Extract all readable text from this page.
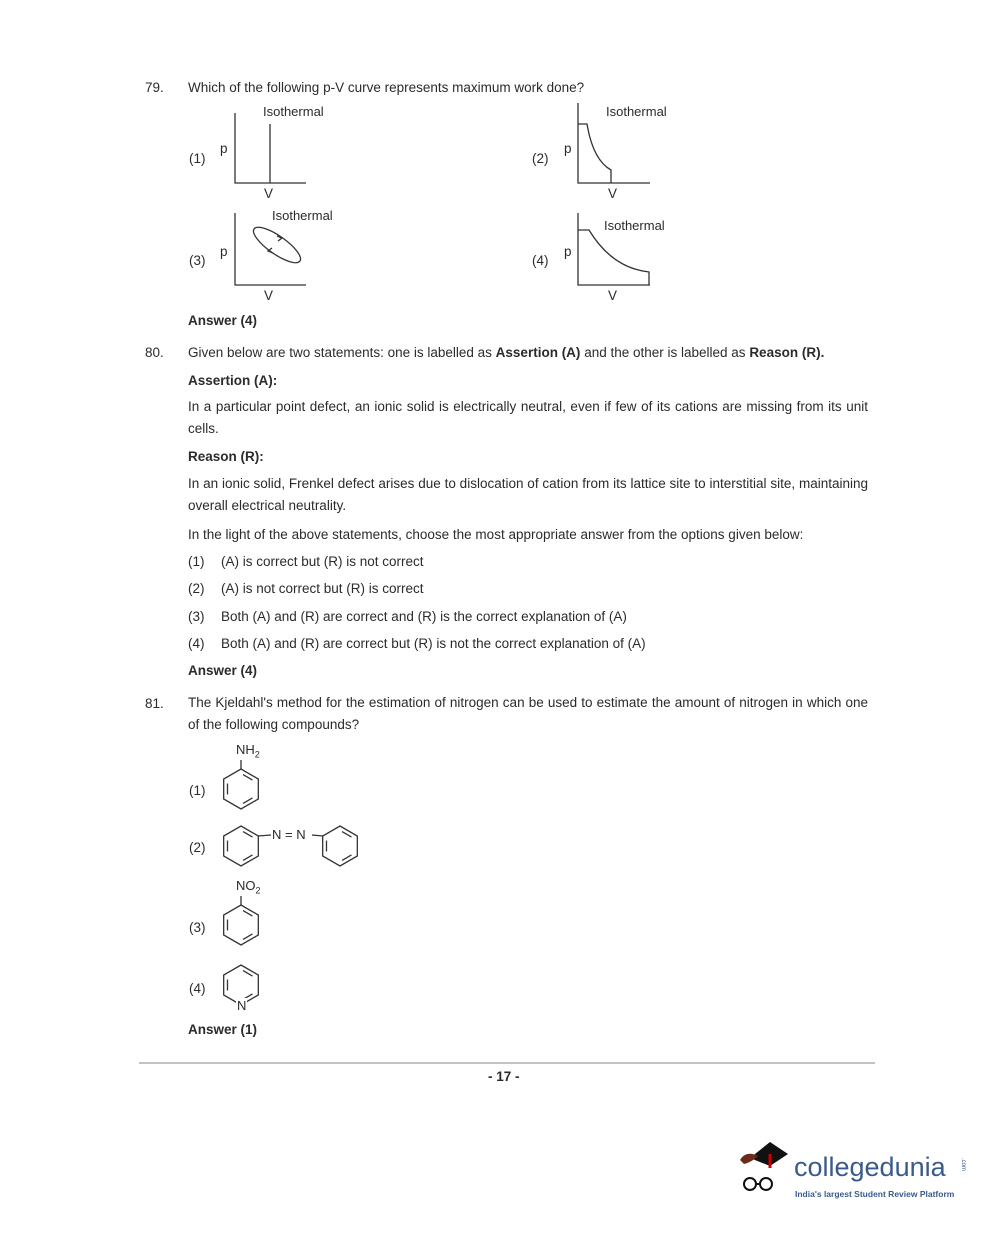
79. Which of the following p-V curve represents maximum work done?
Isothermal	Isothermal
Isothermal
Isothermal
(1)	(2)
(3)	(4)
p	p
p	p
V	V
V	V
Answer (4)
80. Given below are two statements: one is labelled as Assertion (A) and the other is labelled as Reason (R).
Assertion (A):
In a particular point defect, an ionic solid is electrically neutral, even if few of its cations are missing from its unit cells.
Reason (R):
In an ionic solid, Frenkel defect arises due to dislocation of cation from its lattice site to interstitial site, maintaining overall electrical neutrality.
In the light of the above statements, choose the most appropriate answer from the options given below:
(1) (A) is correct but (R) is not correct
(2) (A) is not correct but (R) is correct
(3) Both (A) and (R) are correct and (R) is the correct explanation of (A)
(4) Both (A) and (R) are correct but (R) is not the correct explanation of (A)
Answer (4)
81. The Kjeldahl's method for the estimation of nitrogen can be used to estimate the amount of nitrogen in which one of the following compounds?
$NH_2$
$NO_2$
N = N
N
(1)
(2)
(3)
(4)
Answer (1)
- 17 -
collegedunia	.com
India's largest Student Review Platform
